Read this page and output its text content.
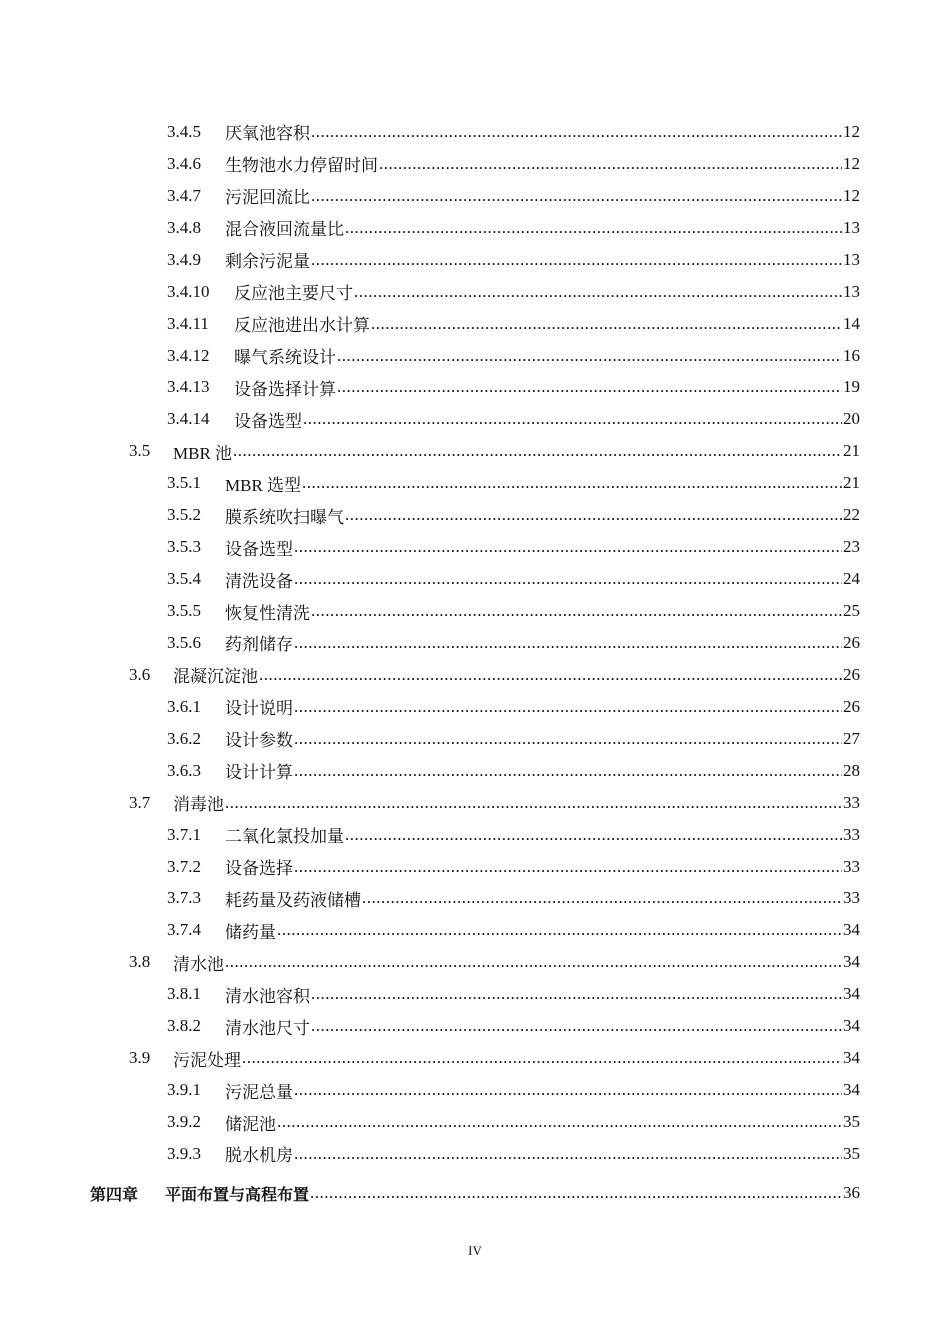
3.4.5	厌氧池容积 .....	12
3.4.6	生物池水力停留时间 .....	12
3.4.7	污泥回流比 .....	12
3.4.8	混合液回流量比 .....	13
3.4.9	剩余污泥量 .....	13
3.4.10	反应池主要尺寸 .....	13
3.4.11	反应池进出水计算 .....	14
3.4.12	曝气系统设计 .....	16
3.4.13	设备选择计算 .....	19
3.4.14	设备选型 .....	20
3.5	MBR 池 .....	21
3.5.1	MBR 选型 .....	21
3.5.2	膜系统吹扫曝气 .....	22
3.5.3	设备选型 .....	23
3.5.4	清洗设备 .....	24
3.5.5	恢复性清洗 .....	25
3.5.6	药剂储存 .....	26
3.6	混凝沉淀池 .....	26
3.6.1	设计说明 .....	26
3.6.2	设计参数 .....	27
3.6.3	设计计算 .....	28
3.7	消毒池 .....	33
3.7.1	二氧化氯投加量 .....	33
3.7.2	设备选择 .....	33
3.7.3	耗药量及药液储槽 .....	33
3.7.4	储药量 .....	34
3.8	清水池 .....	34
3.8.1	清水池容积 .....	34
3.8.2	清水池尺寸 .....	34
3.9	污泥处理 .....	34
3.9.1	污泥总量 .....	34
3.9.2	储泥池 .....	35
3.9.3	脱水机房 .....	35
第四章	平面布置与高程布置 .....	36
IV
